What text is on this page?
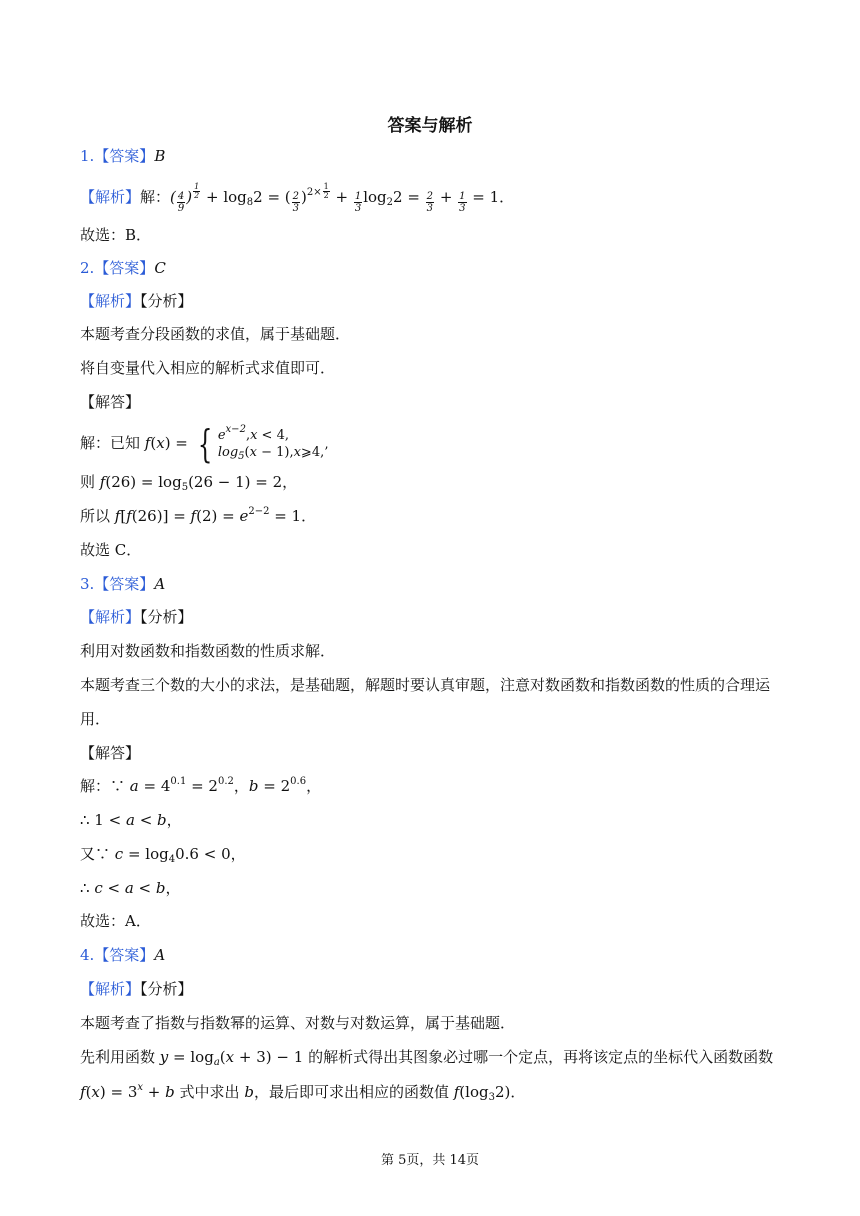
答案与解析
1.【答案】B
【解析】解：( $\frac{4}{9}$ ) $^{\frac{1}{2}} + \log_82$ = ( $\frac{2}{3} )^{2\times \frac{1}{2}} + \frac{1}{3} \log_22 = \frac{2}{3} + \frac{1}{3} = 1$．
故选：B．
2.【答案】C
【解析】【分析】
本题考查分段函数的求值，属于基础题．
将自变量代入相应的解析式求值即可．
【解答】
解：已知 f(x) = { $e^{x-2},x < 4$,
$\log_5(x$ − 1),x⩾4,’
则 $f(26) = \log_5(26 - 1) = 2$，
所以 $f[f(26)] = f(2) = e^{2-2} = 1$．
故选 C．
3.【答案】A
【解析】【分析】
利用对数函数和指数函数的性质求解．
本题考查三个数的大小的求法，是基础题，解题时要认真审题，注意对数函数和指数函数的性质的合理运
用．
【解答】
解：∵ $a = 4^{0.1} = 2^{0.2}$，$b = 2^{0.6}$，
∴ 1 < a < b，
又∵ $c = \log_40.6 < 0$，
∴ c < a < b，
故选：A．
4.【答案】A
【解析】【分析】
本题考查了指数与指数幂的运算、对数与对数运算，属于基础题．
先利用函数 $y = \log_a(x + 3) - 1$ 的解析式得出其图象必过哪一个定点，再将该定点的坐标代入函数函数
$f(x) = 3^x + b$ 式中求出 b，最后即可求出相应的函数值 $f(\log_32)$．
第 5页，共 14页
